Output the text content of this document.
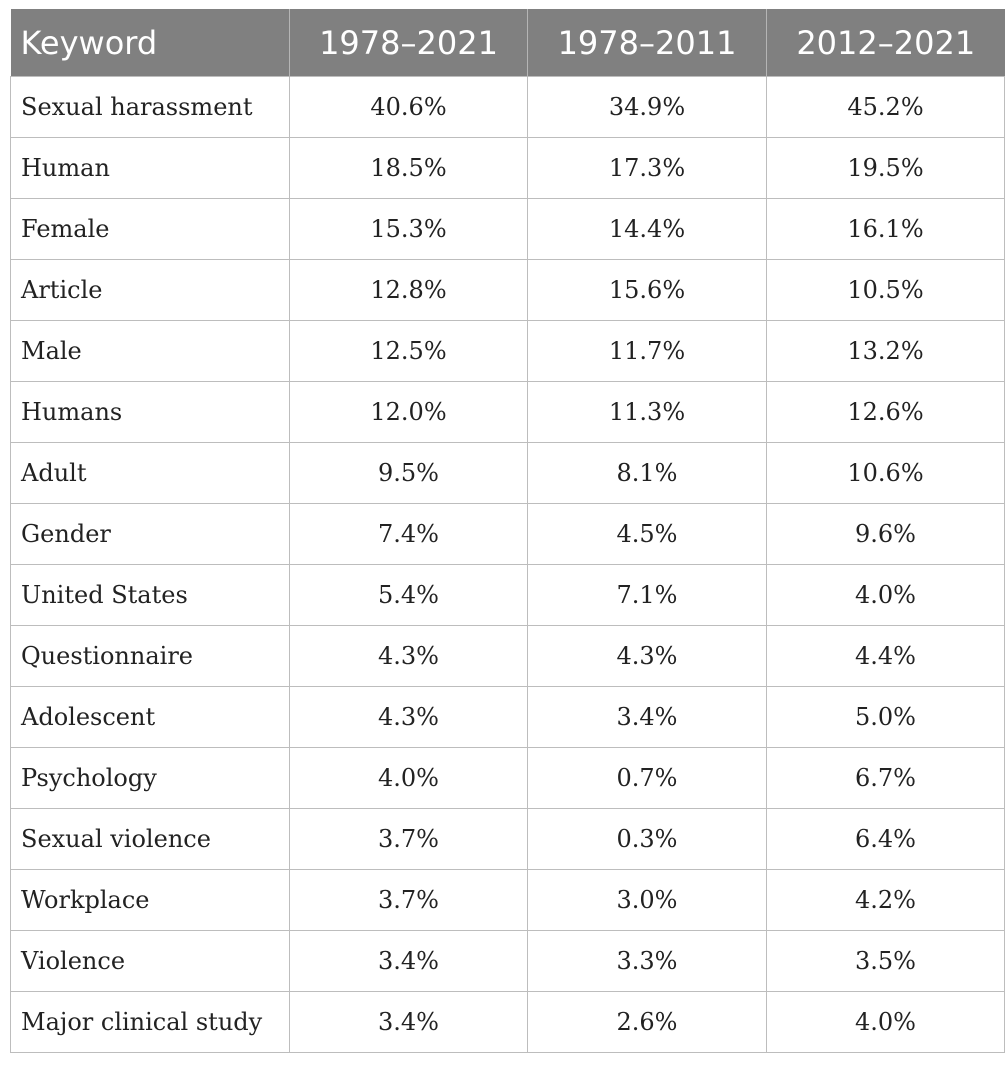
Keyword	1978–2021	1978–2011	2012–2021
Sexual harassment	40.6%	34.9%	45.2%
Human	18.5%	17.3%	19.5%
Female	15.3%	14.4%	16.1%
Article	12.8%	15.6%	10.5%
Male	12.5%	11.7%	13.2%
Humans	12.0%	11.3%	12.6%
Adult	9.5%	8.1%	10.6%
Gender	7.4%	4.5%	9.6%
United States	5.4%	7.1%	4.0%
Questionnaire	4.3%	4.3%	4.4%
Adolescent	4.3%	3.4%	5.0%
Psychology	4.0%	0.7%	6.7%
Sexual violence	3.7%	0.3%	6.4%
Workplace	3.7%	3.0%	4.2%
Violence	3.4%	3.3%	3.5%
Major clinical study	3.4%	2.6%	4.0%
